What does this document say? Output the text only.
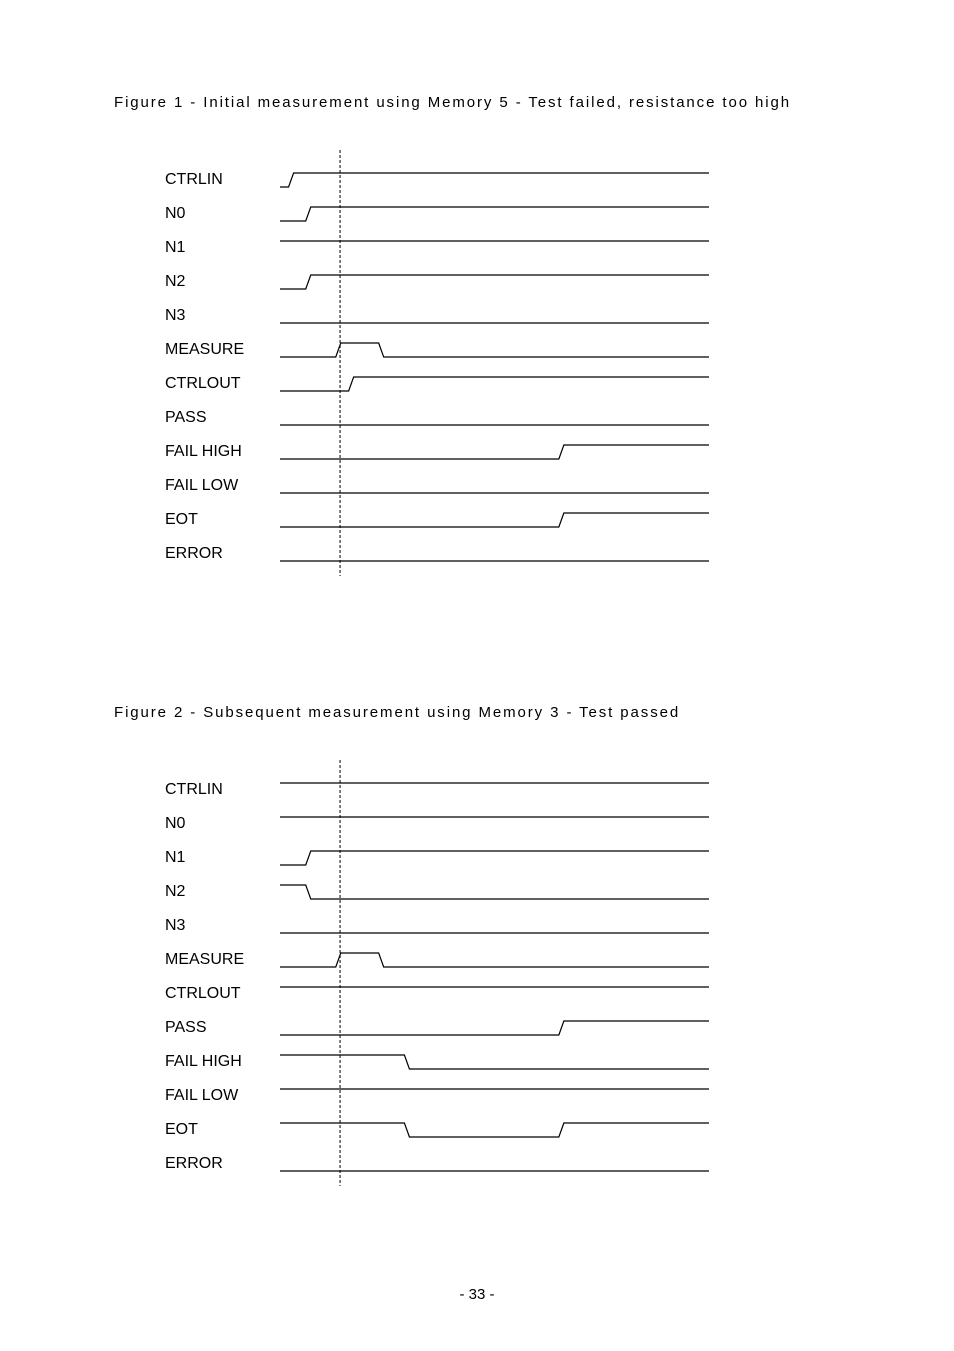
Figure 1 - Initial measurement using Memory 5 - Test failed, resistance too high
CTRLIN
N0
N1
N2
N3
MEASURE
CTRLOUT
PASS
FAIL HIGH
FAIL LOW
EOT
ERROR
Figure 2 - Subsequent measurement using Memory 3 - Test passed
CTRLIN
N0
N1
N2
N3
MEASURE
CTRLOUT
PASS
FAIL HIGH
FAIL LOW
EOT
ERROR
- 33 -
